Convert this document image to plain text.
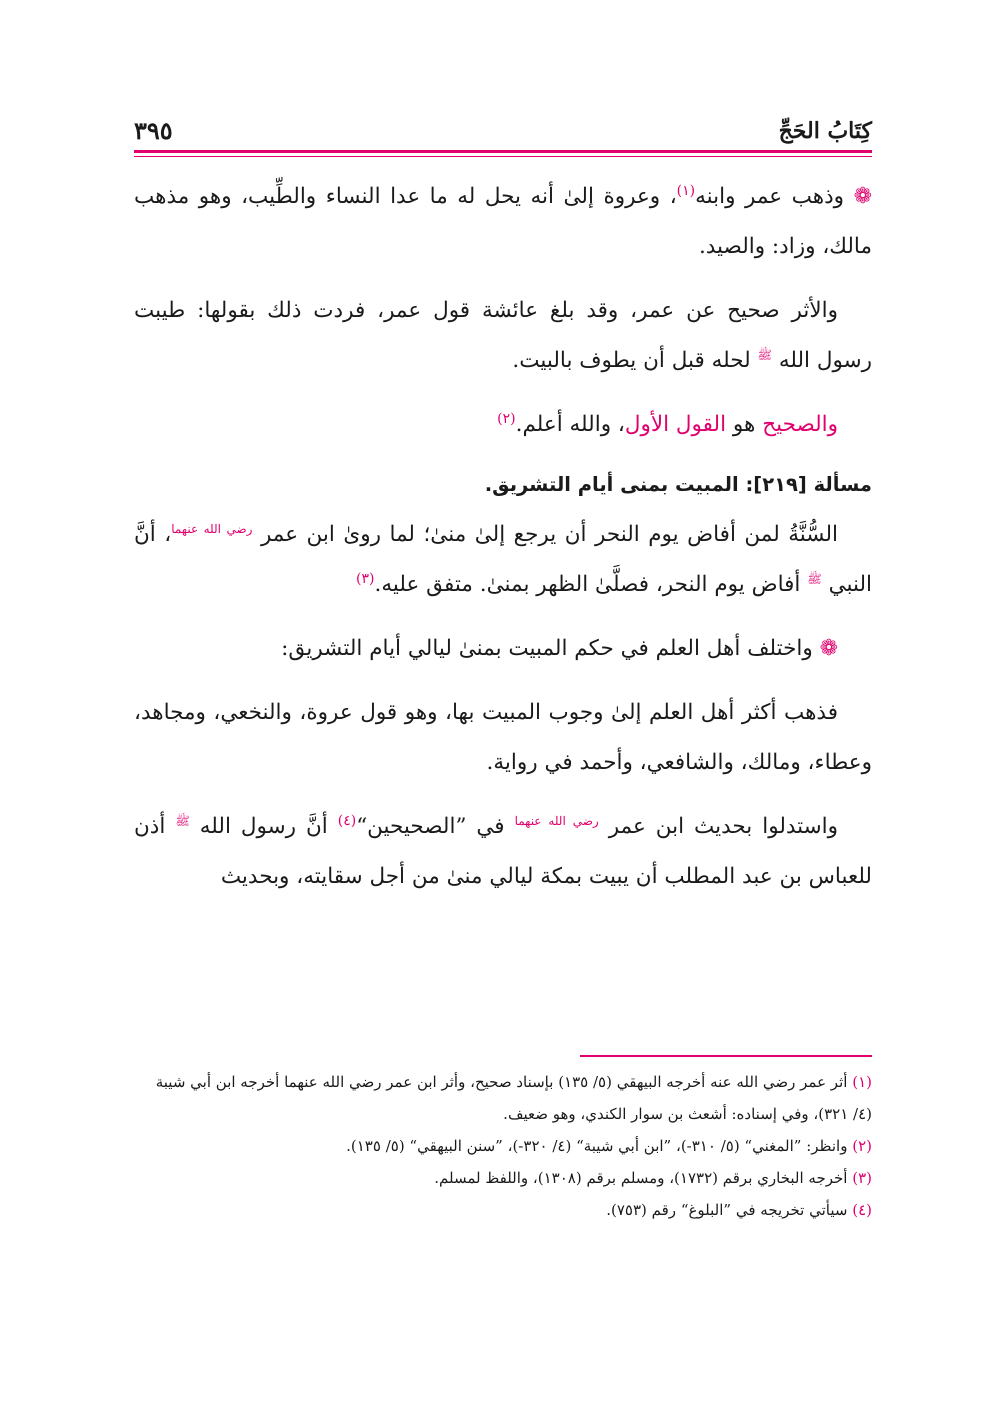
كِتَابُ الحَجِّ
٣٩٥

❁ وذهب عمر وابنه$^{(١)}$، وعروة إلىٰ أنه يحل له ما عدا النساء والطِّيب، وهو مذهب مالك، وزاد: والصيد.

والأثر صحيح عن عمر، وقد بلغ عائشة قول عمر، فردت ذلك بقولها: طيبت رسول الله $^ﷺ$ لحله قبل أن يطوف بالبيت.

والصحيح هو القول الأول، والله أعلم.$^{(٢)}$

مسألة [٢١٩]: المبيت بمنى أيام التشريق.

السُّنَّةُ لمن أفاض يوم النحر أن يرجع إلىٰ منىٰ؛ لما روىٰ ابن عمر $^{رضي الله عنهما}$، أنَّ النبي $^ﷺ$ أفاض يوم النحر، فصلَّىٰ الظهر بمنىٰ. متفق عليه.$^{(٣)}$

❁ واختلف أهل العلم في حكم المبيت بمنىٰ ليالي أيام التشريق:

فذهب أكثر أهل العلم إلىٰ وجوب المبيت بها، وهو قول عروة، والنخعي، ومجاهد، وعطاء، ومالك، والشافعي، وأحمد في رواية.

واستدلوا بحديث ابن عمر $^{رضي الله عنهما}$ في ”الصحيحين“$^{(٤)}$ أنَّ رسول الله $^ﷺ$ أذن للعباس بن عبد المطلب أن يبيت بمكة ليالي منىٰ من أجل سقايته، وبحديث

(١) أثر عمر رضي الله عنه أخرجه البيهقي (٥/ ١٣٥) بإسناد صحيح، وأثر ابن عمر رضي الله عنهما أخرجه ابن أبي شيبة (٤/ ٣٢١)، وفي إسناده: أشعث بن سوار الكندي، وهو ضعيف.

(٢) وانظر: ”المغني“ (٥/ ٣١٠-)، ”ابن أبي شيبة“ (٤/ ٣٢٠-)، ”سنن البيهقي“ (٥/ ١٣٥).

(٣) أخرجه البخاري برقم (١٧٣٢)، ومسلم برقم (١٣٠٨)، واللفظ لمسلم.

(٤) سيأتي تخريجه في ”البلوغ“ رقم (٧٥٣).
